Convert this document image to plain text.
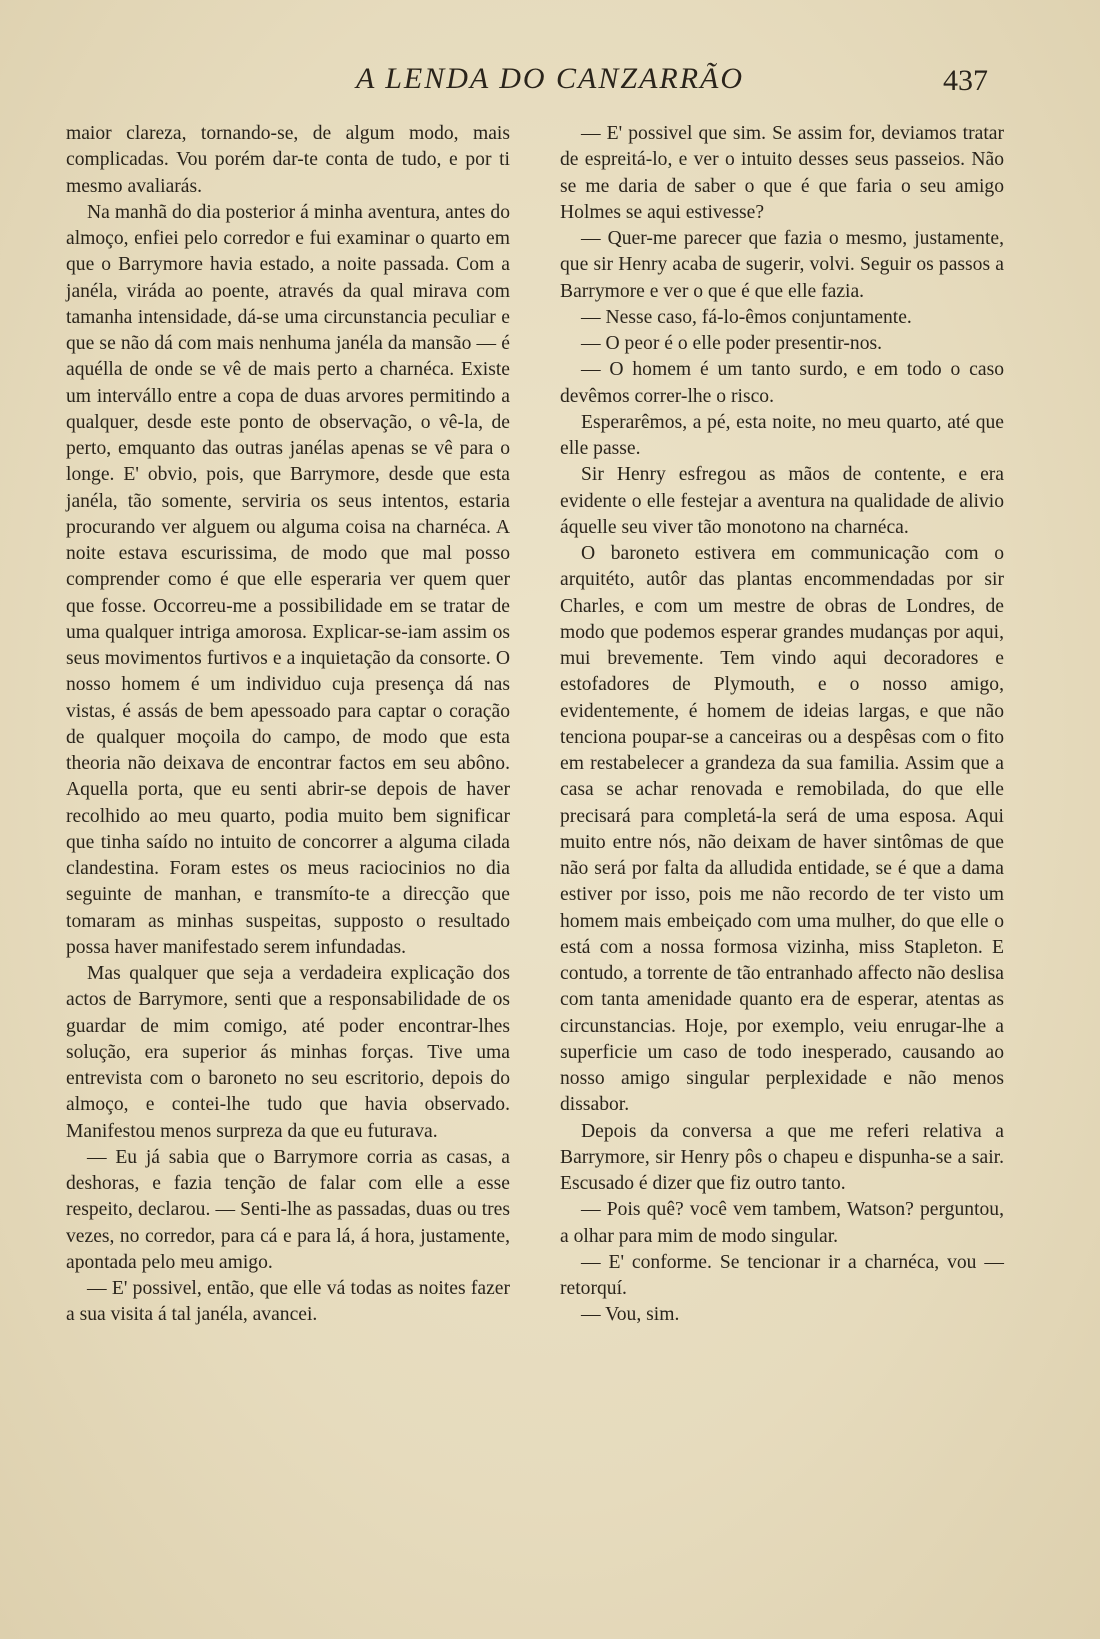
A LENDA DO CANZARRÃO	437

maior clareza, tornando-se, de algum modo, mais complicadas. Vou porém dar-te conta de tudo, e por ti mesmo avaliarás.

Na manhã do dia posterior á minha aventura, antes do almoço, enfiei pelo corredor e fui examinar o quarto em que o Barrymore havia estado, a noite passada. Com a janéla, viráda ao poente, através da qual mirava com tamanha intensidade, dá-se uma circunstancia peculiar e que se não dá com mais nenhuma janéla da mansão — é aquélla de onde se vê de mais perto a charnéca. Existe um intervállo entre a copa de duas arvores permitindo a qualquer, desde este ponto de observação, o vê-la, de perto, emquanto das outras janélas apenas se vê para o longe. E' obvio, pois, que Barrymore, desde que esta janéla, tão somente, serviria os seus intentos, estaria procurando ver alguem ou alguma coisa na charnéca. A noite estava escurissima, de modo que mal posso comprender como é que elle esperaria ver quem quer que fosse. Occorreu-me a possibilidade em se tratar de uma qualquer intriga amorosa. Explicar-se-iam assim os seus movimentos furtivos e a inquietação da consorte. O nosso homem é um individuo cuja presença dá nas vistas, é assás de bem apessoado para captar o coração de qualquer moçoila do campo, de modo que esta theoria não deixava de encontrar factos em seu abôno. Aquella porta, que eu senti abrir-se depois de haver recolhido ao meu quarto, podia muito bem significar que tinha saído no intuito de concorrer a alguma cilada clandestina. Foram estes os meus raciocinios no dia seguinte de manhan, e transmíto-te a direcção que tomaram as minhas suspeitas, supposto o resultado possa haver manifestado serem infundadas.

Mas qualquer que seja a verdadeira explicação dos actos de Barrymore, senti que a responsabilidade de os guardar de mim comigo, até poder encontrar-lhes solução, era superior ás minhas forças. Tive uma entrevista com o baroneto no seu escritorio, depois do almoço, e contei-lhe tudo que havia observado. Manifestou menos surpreza da que eu futurava.

— Eu já sabia que o Barrymore corria as casas, a deshoras, e fazia tenção de falar com elle a esse respeito, declarou. — Senti-lhe as passadas, duas ou tres vezes, no corredor, para cá e para lá, á hora, justamente, apontada pelo meu amigo.

— E' possivel, então, que elle vá todas as noites fazer a sua visita á tal janéla, avancei.

— E' possivel que sim. Se assim for, deviamos tratar de espreitá-lo, e ver o intuito desses seus passeios. Não se me daria de saber o que é que faria o seu amigo Holmes se aqui estivesse?

— Quer-me parecer que fazia o mesmo, justamente, que sir Henry acaba de sugerir, volvi. Seguir os passos a Barrymore e ver o que é que elle fazia.

— Nesse caso, fá-lo-êmos conjuntamente.

— O peor é o elle poder presentir-nos.

— O homem é um tanto surdo, e em todo o caso devêmos correr-lhe o risco.

Esperarêmos, a pé, esta noite, no meu quarto, até que elle passe.

Sir Henry esfregou as mãos de contente, e era evidente o elle festejar a aventura na qualidade de alivio áquelle seu viver tão monotono na charnéca.

O baroneto estivera em communicação com o arquitéto, autôr das plantas encommendadas por sir Charles, e com um mestre de obras de Londres, de modo que podemos esperar grandes mudanças por aqui, mui brevemente. Tem vindo aqui decoradores e estofadores de Plymouth, e o nosso amigo, evidentemente, é homem de ideias largas, e que não tenciona poupar-se a canceiras ou a despêsas com o fito em restabelecer a grandeza da sua familia. Assim que a casa se achar renovada e remobilada, do que elle precisará para completá-la será de uma esposa. Aqui muito entre nós, não deixam de haver sintômas de que não será por falta da alludida entidade, se é que a dama estiver por isso, pois me não recordo de ter visto um homem mais embeiçado com uma mulher, do que elle o está com a nossa formosa vizinha, miss Stapleton. E contudo, a torrente de tão entranhado affecto não deslisa com tanta amenidade quanto era de esperar, atentas as circunstancias. Hoje, por exemplo, veiu enrugar-lhe a superficie um caso de todo inesperado, causando ao nosso amigo singular perplexidade e não menos dissabor.

Depois da conversa a que me referi relativa a Barrymore, sir Henry pôs o chapeu e dispunha-se a sair. Escusado é dizer que fiz outro tanto.

— Pois quê? você vem tambem, Watson? perguntou, a olhar para mim de modo singular.

— E' conforme. Se tencionar ir a charnéca, vou — retorquí.

— Vou, sim.
